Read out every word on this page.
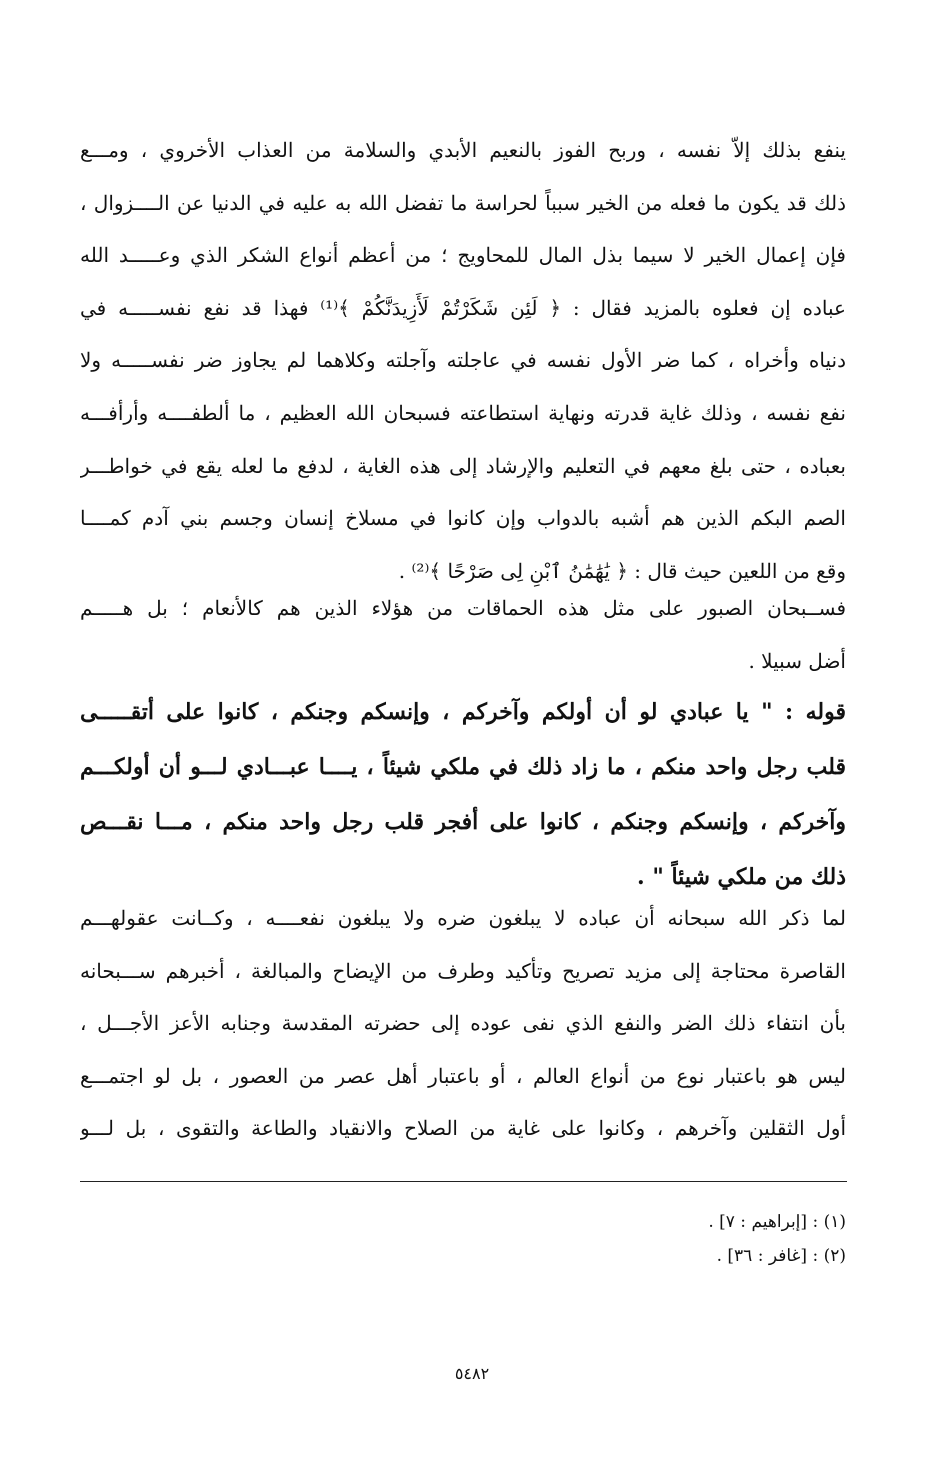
ينفع بذلك إلاّ نفسه ، وربح الفوز بالنعيم الأبدي والسلامة من العذاب الأخروي ، ومـــع
ذلك قد يكون ما فعله من الخير سبباً لحراسة ما تفضل الله به عليه في الدنيا عن الــــزوال ،
فإن إعمال الخير لا سيما بذل المال للمحاويج ؛ من أعظم أنواع الشكر الذي وعـــــد الله
عباده إن فعلوه بالمزيد فقال : ﴿ لَئِن شَكَرْتُمْ لَأَزِيدَنَّكُمْ ﴾⁽¹⁾ فهذا قد نفع نفســـــه في
دنياه وأخراه ، كما ضر الأول نفسه في عاجلته وآجلته وكلاهما لم يجاوز ضر نفســـــه ولا
نفع نفسه ، وذلك غاية قدرته ونهاية استطاعته فسبحان الله العظيم ، ما ألطفــــه وأرأفـــه
بعباده ، حتى بلغ معهم في التعليم والإرشاد إلى هذه الغاية ، لدفع ما لعله يقع في خواطـــر
الصم البكم الذين هم أشبه بالدواب وإن كانوا في مسلاخ إنسان وجسم بني آدم كمــــا
وقع من اللعين حيث قال : ﴿ يَٰهَٰمَٰنُ ٱبْنِ لِى صَرْحًا ﴾⁽²⁾ .
فســبحان الصبور على مثل هذه الحماقات من هؤلاء الذين هم كالأنعام ؛ بل هـــــم
أضل سبيلا .
قوله : " يا عبادي لو أن أولكم وآخركم ، وإنسكم وجنكم ، كانوا على أتقـــــى
قلب رجل واحد منكم ، ما زاد ذلك في ملكي شيئاً ، يــــا عبـــادي لـــو أن أولكـــم
وآخركم ، وإنسكم وجنكم ، كانوا على أفجر قلب رجل واحد منكم ، مـــا نقـــص
ذلك من ملكي شيئاً " .
لما ذكر الله سبحانه أن عباده لا يبلغون ضره ولا يبلغون نفعــــه ، وكــانت عقولهـــم
القاصرة محتاجة إلى مزيد تصريح وتأكيد وطرف من الإيضاح والمبالغة ، أخبرهم ســـبحانه
بأن انتفاء ذلك الضر والنفع الذي نفى عوده إلى حضرته المقدسة وجنابه الأعز الأجـــل ،
ليس هو باعتبار نوع من أنواع العالم ، أو باعتبار أهل عصر من العصور ، بل لو اجتمـــع
أول الثقلين وآخرهم ، وكانوا على غاية من الصلاح والانقياد والطاعة والتقوى ، بل لـــو
(١) : [إبراهيم : ٧] .
(٢) : [غافر : ٣٦] .
٥٤٨٢
